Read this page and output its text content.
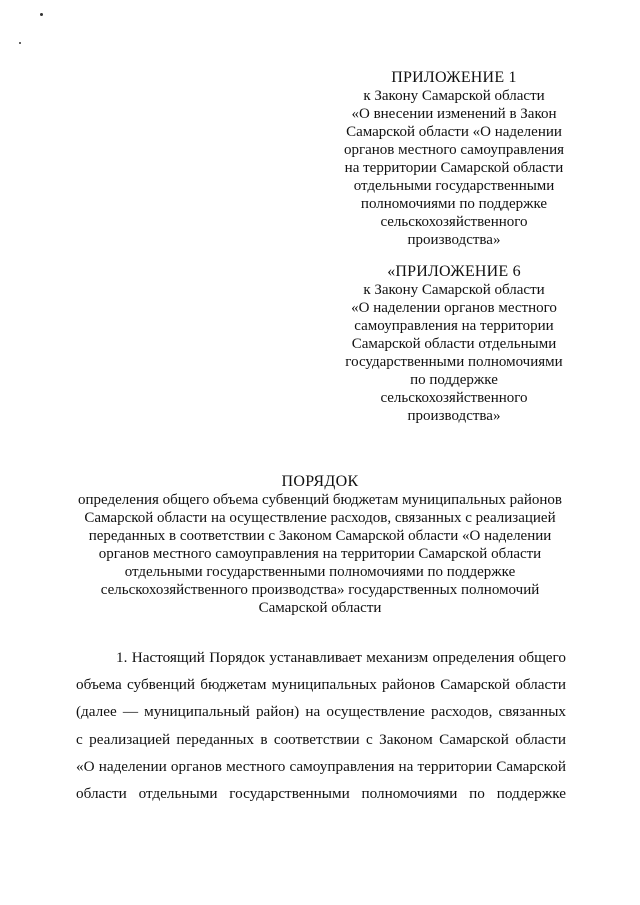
ПРИЛОЖЕНИЕ 1
к Закону Самарской области
«О внесении изменений в Закон
Самарской области «О наделении
органов местного самоуправления
на территории Самарской области
отдельными государственными
полномочиями по поддержке
сельскохозяйственного
производства»
«ПРИЛОЖЕНИЕ 6
к Закону Самарской области
«О наделении органов местного
самоуправления на территории
Самарской области отдельными
государственными полномочиями
по поддержке
сельскохозяйственного
производства»
ПОРЯДОК
определения общего объема субвенций бюджетам муниципальных районов
Самарской области на осуществление расходов, связанных с реализацией
переданных в соответствии с Законом Самарской области «О наделении
органов местного самоуправления на территории Самарской области
отдельными государственными полномочиями по поддержке
сельскохозяйственного производства» государственных полномочий
Самарской области
1. Настоящий Порядок устанавливает механизм определения общего
объема субвенций бюджетам муниципальных районов Самарской области
(далее — муниципальный район) на осуществление расходов, связанных
с реализацией переданных в соответствии с Законом Самарской области
«О наделении органов местного самоуправления на территории Самарской
области отдельными государственными полномочиями по поддержке
